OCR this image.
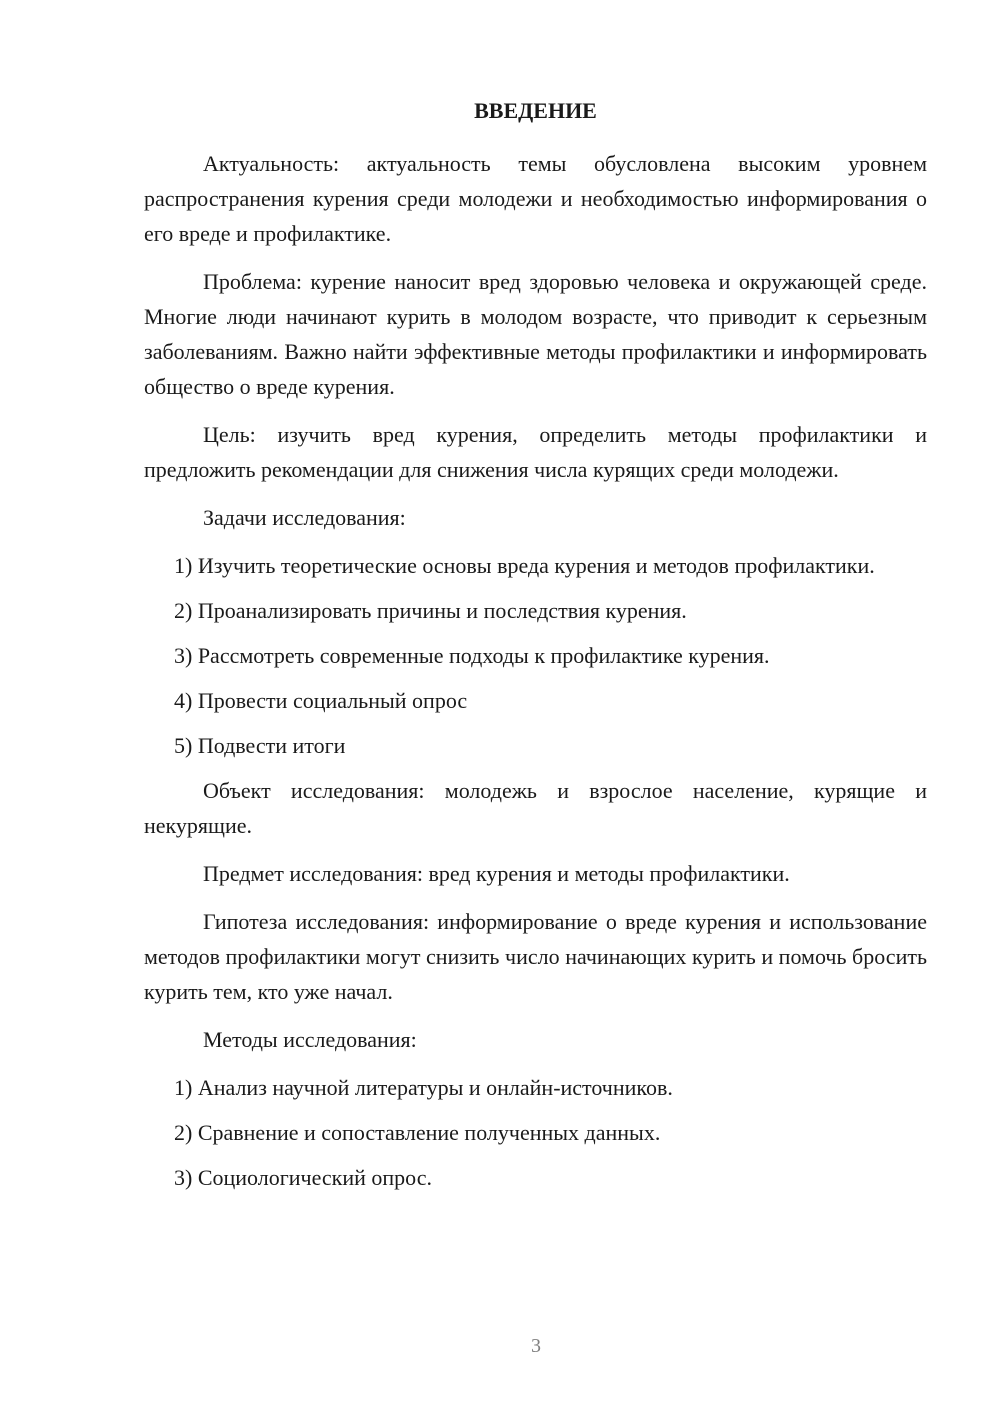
ВВЕДЕНИЕ

Актуальность: актуальность темы обусловлена высоким уровнем распространения курения среди молодежи и необходимостью информирования о его вреде и профилактике.

Проблема: курение наносит вред здоровью человека и окружающей среде. Многие люди начинают курить в молодом возрасте, что приводит к серьезным заболеваниям. Важно найти эффективные методы профилактики и информировать общество о вреде курения.

Цель: изучить вред курения, определить методы профилактики и предложить рекомендации для снижения числа курящих среди молодежи.

Задачи исследования:

1) Изучить теоретические основы вреда курения и методов профилактики.

2) Проанализировать причины и последствия курения.

3) Рассмотреть современные подходы к профилактике курения.

4) Провести социальный опрос

5) Подвести итоги

Объект исследования: молодежь и взрослое население, курящие и некурящие.

Предмет исследования: вред курения и методы профилактики.

Гипотеза исследования: информирование о вреде курения и использование методов профилактики могут снизить число начинающих курить и помочь бросить курить тем, кто уже начал.

Методы исследования:

1) Анализ научной литературы и онлайн-источников.

2) Сравнение и сопоставление полученных данных.

3) Социологический опрос.

3
